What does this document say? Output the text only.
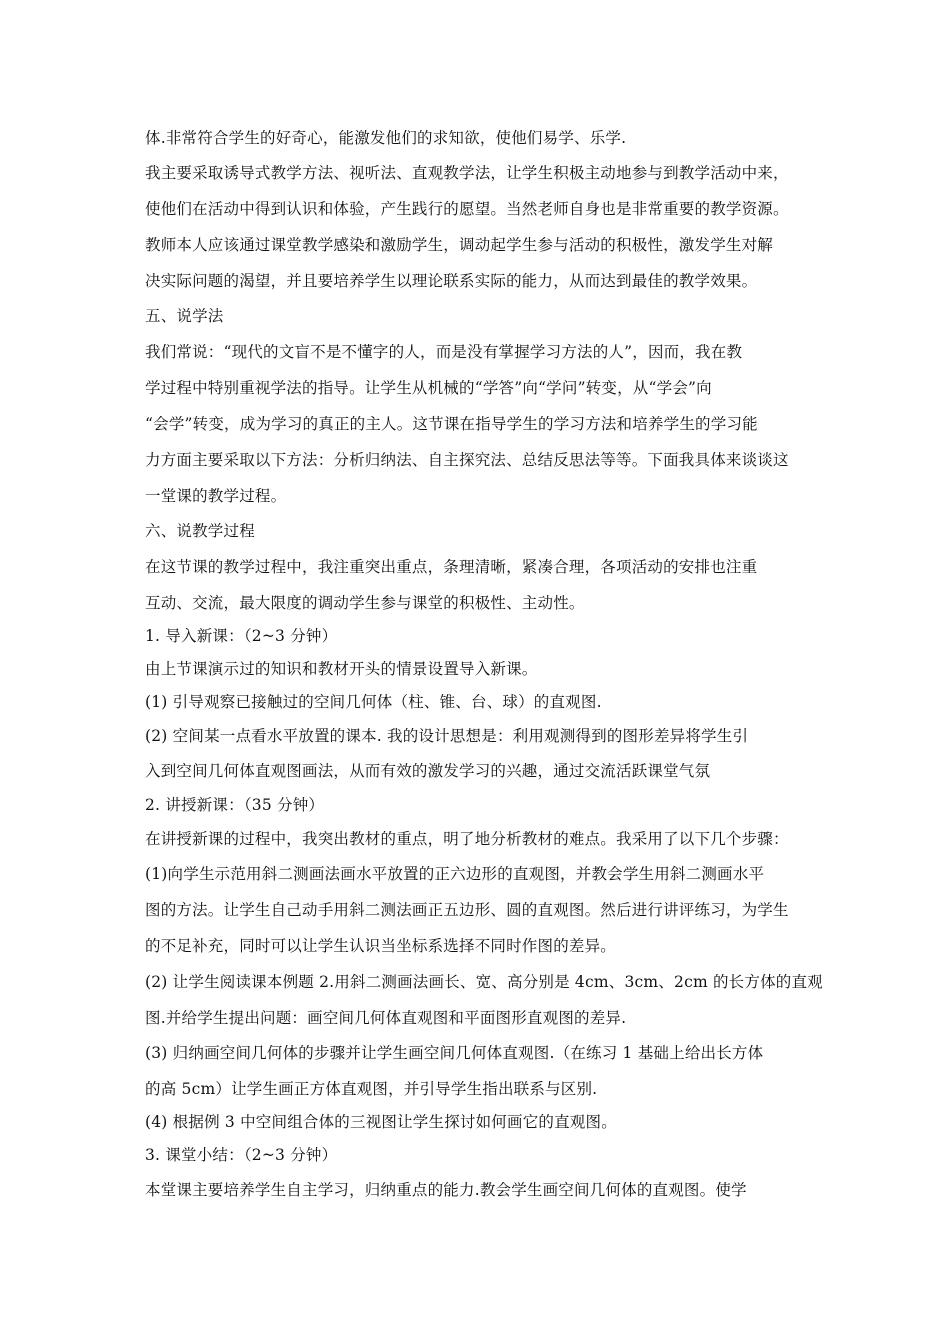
体.非常符合学生的好奇心，能激发他们的求知欲，使他们易学、乐学.
我主要采取诱导式教学方法、视听法、直观教学法，让学生积极主动地参与到教学活动中来，
使他们在活动中得到认识和体验，产生践行的愿望。当然老师自身也是非常重要的教学资源。
教师本人应该通过课堂教学感染和激励学生，调动起学生参与活动的积极性，激发学生对解
决实际问题的渴望，并且要培养学生以理论联系实际的能力，从而达到最佳的教学效果。
五、说学法
我们常说：“现代的文盲不是不懂字的人，而是没有掌握学习方法的人”，因而，我在教
学过程中特别重视学法的指导。让学生从机械的“学答”向“学问”转变，从“学会”向
“会学”转变，成为学习的真正的主人。这节课在指导学生的学习方法和培养学生的学习能
力方面主要采取以下方法：分析归纳法、自主探究法、总结反思法等等。下面我具体来谈谈这
一堂课的教学过程。
六、说教学过程
在这节课的教学过程中，我注重突出重点，条理清晰，紧凑合理，各项活动的安排也注重
互动、交流，最大限度的调动学生参与课堂的积极性、主动性。
1. 导入新课：（2~3 分钟）
由上节课演示过的知识和教材开头的情景设置导入新课。
(1) 引导观察已接触过的空间几何体（柱、锥、台、球）的直观图.
(2) 空间某一点看水平放置的课本. 我的设计思想是：利用观测得到的图形差异将学生引
入到空间几何体直观图画法，从而有效的激发学习的兴趣，通过交流活跃课堂气氛
2. 讲授新课：（35 分钟）
在讲授新课的过程中，我突出教材的重点，明了地分析教材的难点。我采用了以下几个步骤：
(1)向学生示范用斜二测画法画水平放置的正六边形的直观图，并教会学生用斜二测画水平
图的方法。让学生自己动手用斜二测法画正五边形、圆的直观图。然后进行讲评练习，为学生
的不足补充，同时可以让学生认识当坐标系选择不同时作图的差异。
(2) 让学生阅读课本例题 2.用斜二测画法画长、宽、高分别是 4cm、3cm、2cm 的长方体的直观
图.并给学生提出问题：画空间几何体直观图和平面图形直观图的差异.
(3) 归纳画空间几何体的步骤并让学生画空间几何体直观图.（在练习 1 基础上给出长方体
的高 5cm）让学生画正方体直观图，并引导学生指出联系与区别.
(4) 根据例 3 中空间组合体的三视图让学生探讨如何画它的直观图。
3. 课堂小结：（2~3 分钟）
本堂课主要培养学生自主学习，归纳重点的能力.教会学生画空间几何体的直观图。使学
